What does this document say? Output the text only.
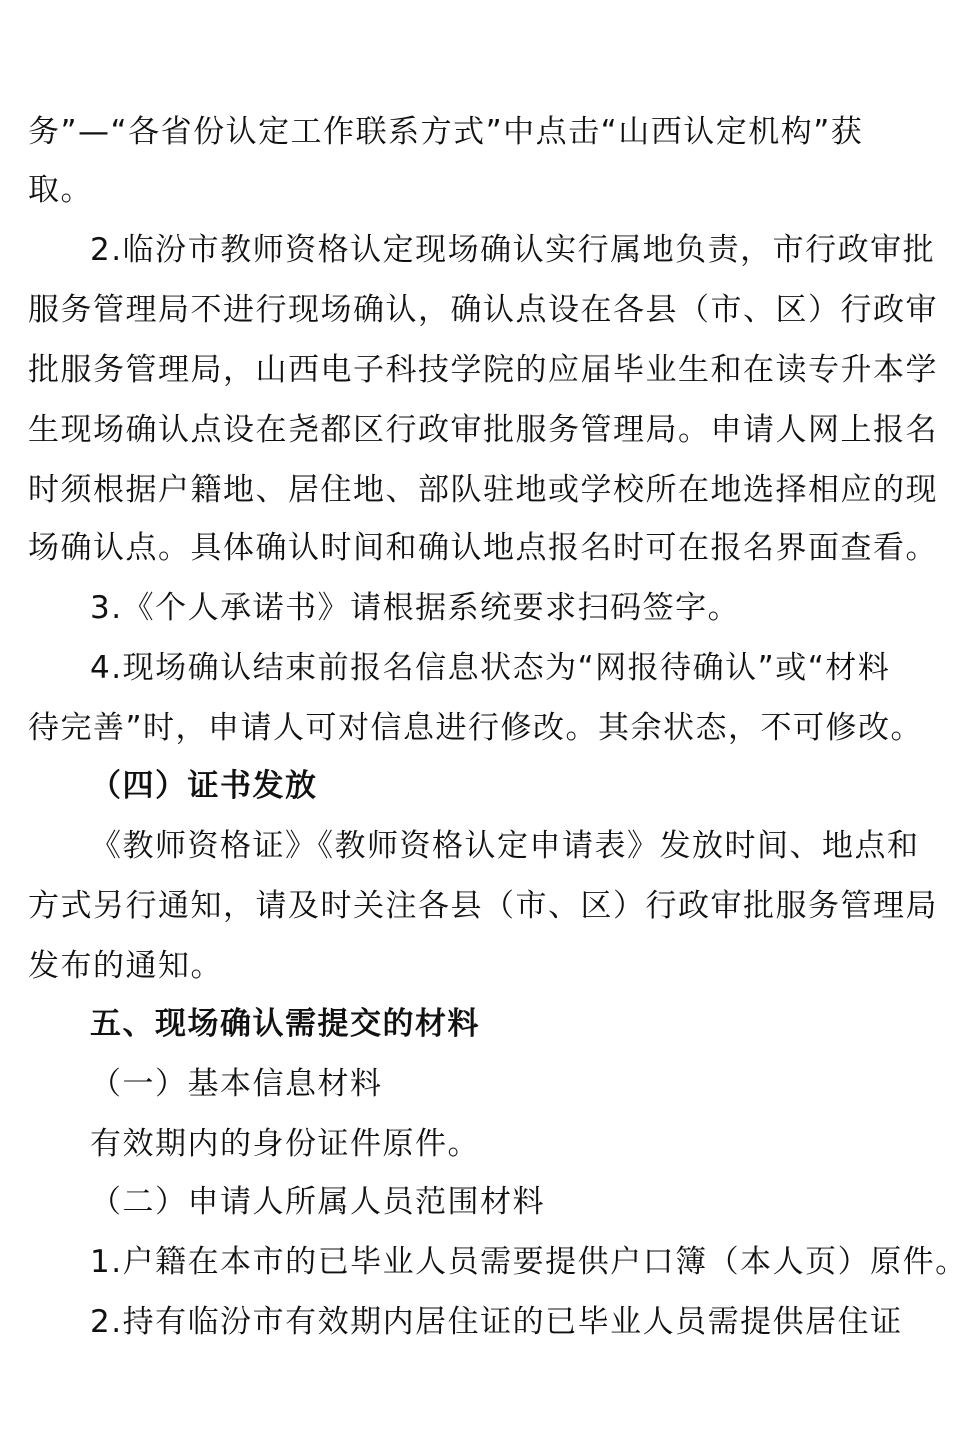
务”—“各省份认定工作联系方式”中点击“山西认定机构”获
取。
2.临汾市教师资格认定现场确认实行属地负责，市行政审批
服务管理局不进行现场确认，确认点设在各县（市、区）行政审
批服务管理局，山西电子科技学院的应届毕业生和在读专升本学
生现场确认点设在尧都区行政审批服务管理局。申请人网上报名
时须根据户籍地、居住地、部队驻地或学校所在地选择相应的现
场确认点。具体确认时间和确认地点报名时可在报名界面查看。
3.《个人承诺书》请根据系统要求扫码签字。
4.现场确认结束前报名信息状态为“网报待确认”或“材料
待完善”时，申请人可对信息进行修改。其余状态，不可修改。
（四）证书发放
《教师资格证》《教师资格认定申请表》发放时间、地点和
方式另行通知，请及时关注各县（市、区）行政审批服务管理局
发布的通知。
五、现场确认需提交的材料
（一）基本信息材料
有效期内的身份证件原件。
（二）申请人所属人员范围材料
1.户籍在本市的已毕业人员需要提供户口簿（本人页）原件。
2.持有临汾市有效期内居住证的已毕业人员需提供居住证
